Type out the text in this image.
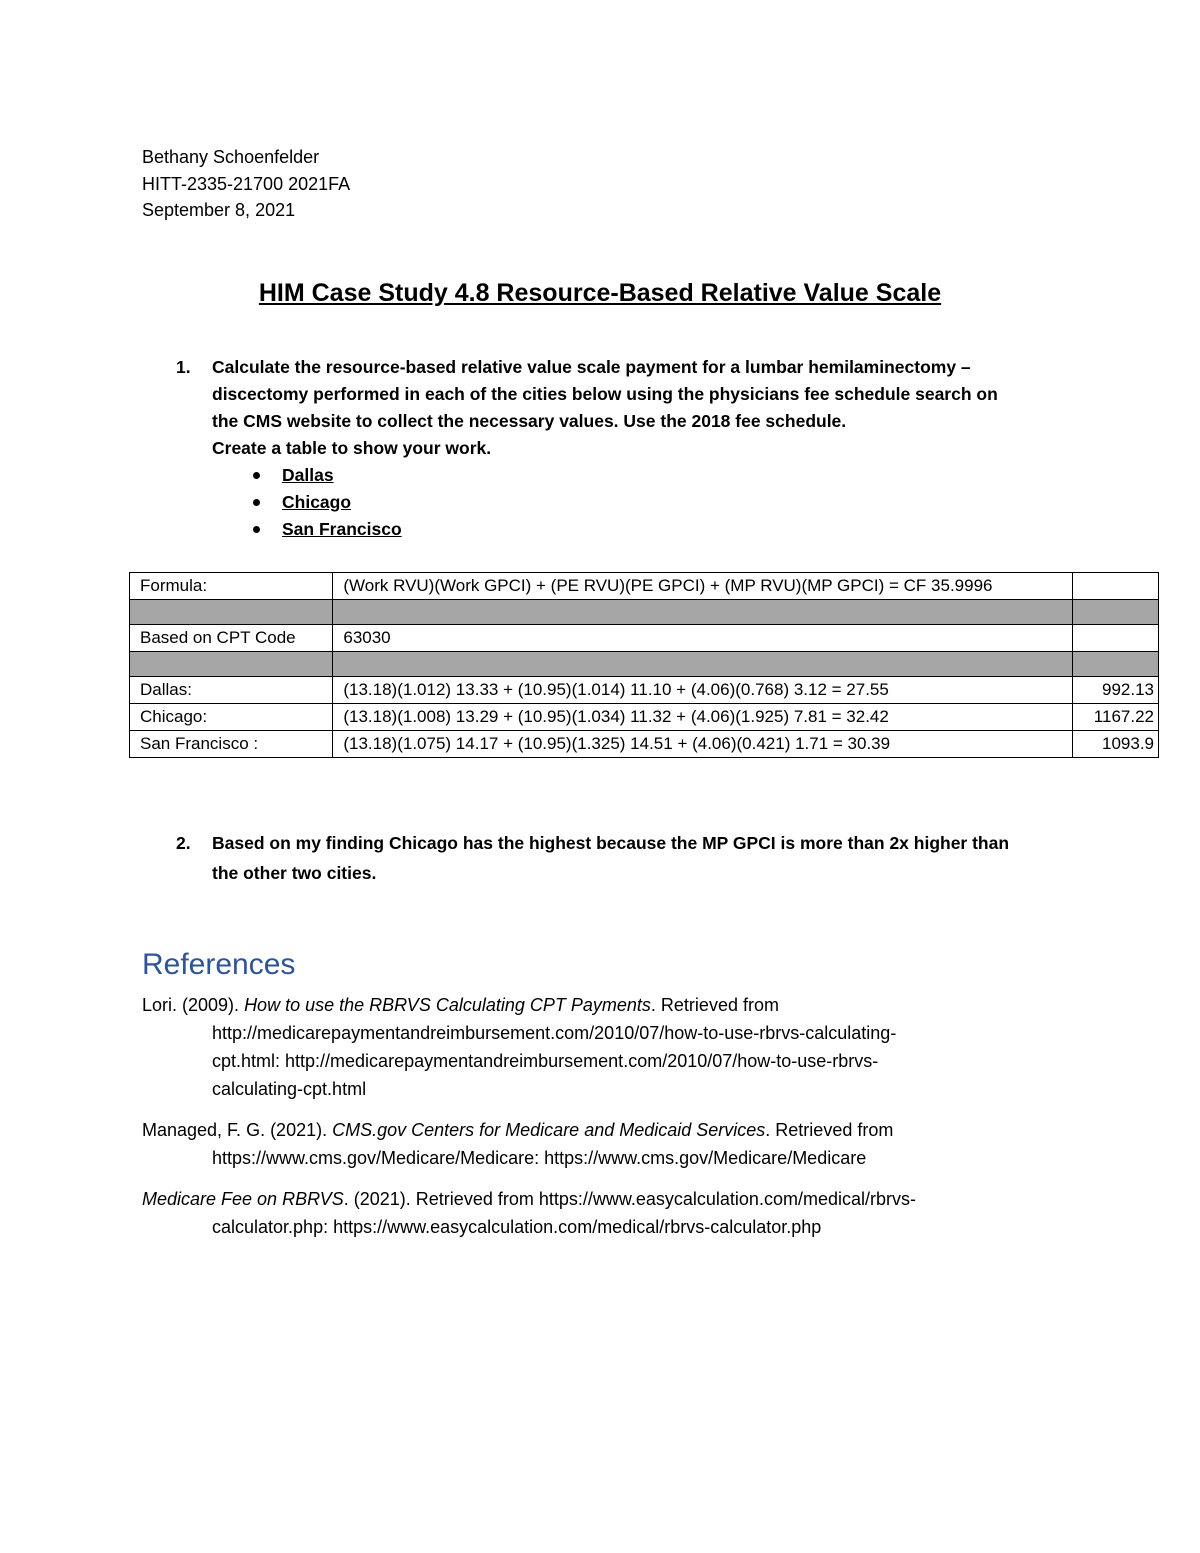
Bethany Schoenfelder
HITT-2335-21700 2021FA
September 8, 2021
HIM Case Study 4.8 Resource-Based Relative Value Scale
1. Calculate the resource-based relative value scale payment for a lumbar hemilaminectomy –
discectomy performed in each of the cities below using the physicians fee schedule search on
the CMS website to collect the necessary values. Use the 2018 fee schedule.
Create a table to show your work.
Dallas
Chicago
San Francisco
Formula:	(Work RVU)(Work GPCI) + (PE RVU)(PE GPCI) + (MP RVU)(MP GPCI) = CF 35.9996	

Based on CPT Code	63030	

Dallas:	(13.18)(1.012) 13.33 + (10.95)(1.014) 11.10 + (4.06)(0.768) 3.12 = 27.55	992.13
Chicago:	(13.18)(1.008) 13.29 + (10.95)(1.034) 11.32 + (4.06)(1.925) 7.81 = 32.42	1167.22
San Francisco :	(13.18)(1.075) 14.17 + (10.95)(1.325) 14.51 + (4.06)(0.421) 1.71 = 30.39	1093.9
2. Based on my finding Chicago has the highest because the MP GPCI is more than 2x higher than
the other two cities.
References
Lori. (2009). How to use the RBRVS Calculating CPT Payments. Retrieved from
http://medicarepaymentandreimbursement.com/2010/07/how-to-use-rbrvs-calculating-
cpt.html: http://medicarepaymentandreimbursement.com/2010/07/how-to-use-rbrvs-
calculating-cpt.html
Managed, F. G. (2021). CMS.gov Centers for Medicare and Medicaid Services. Retrieved from
https://www.cms.gov/Medicare/Medicare: https://www.cms.gov/Medicare/Medicare
Medicare Fee on RBRVS. (2021). Retrieved from https://www.easycalculation.com/medical/rbrvs-
calculator.php: https://www.easycalculation.com/medical/rbrvs-calculator.php
